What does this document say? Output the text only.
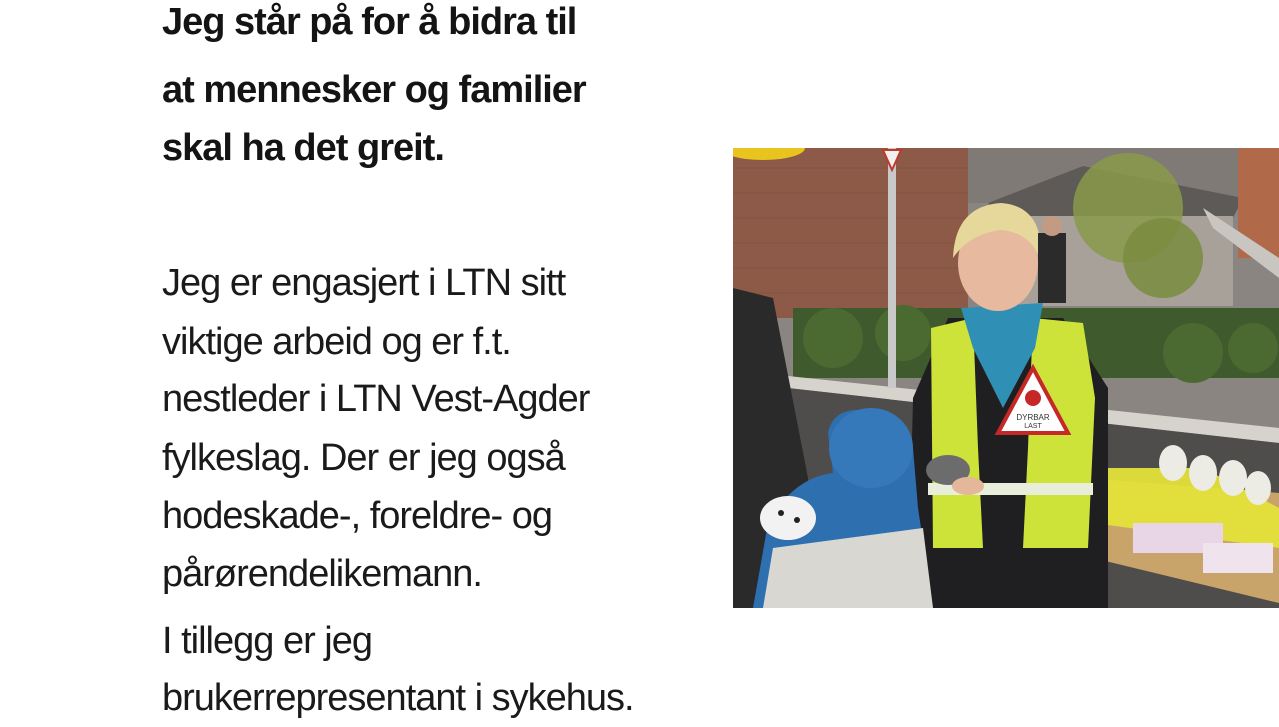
Jeg står på for å bidra til
at mennesker og familier
skal ha det greit.
Jeg er engasjert i LTN sitt
viktige arbeid og er f.t.
nestleder i LTN Vest-Agder
fylkeslag. Der er jeg også
hodeskade-, foreldre- og
pårørendelikemann.
I tillegg er jeg
brukerrepresentant i sykehus.
DYRBAR
LAST
